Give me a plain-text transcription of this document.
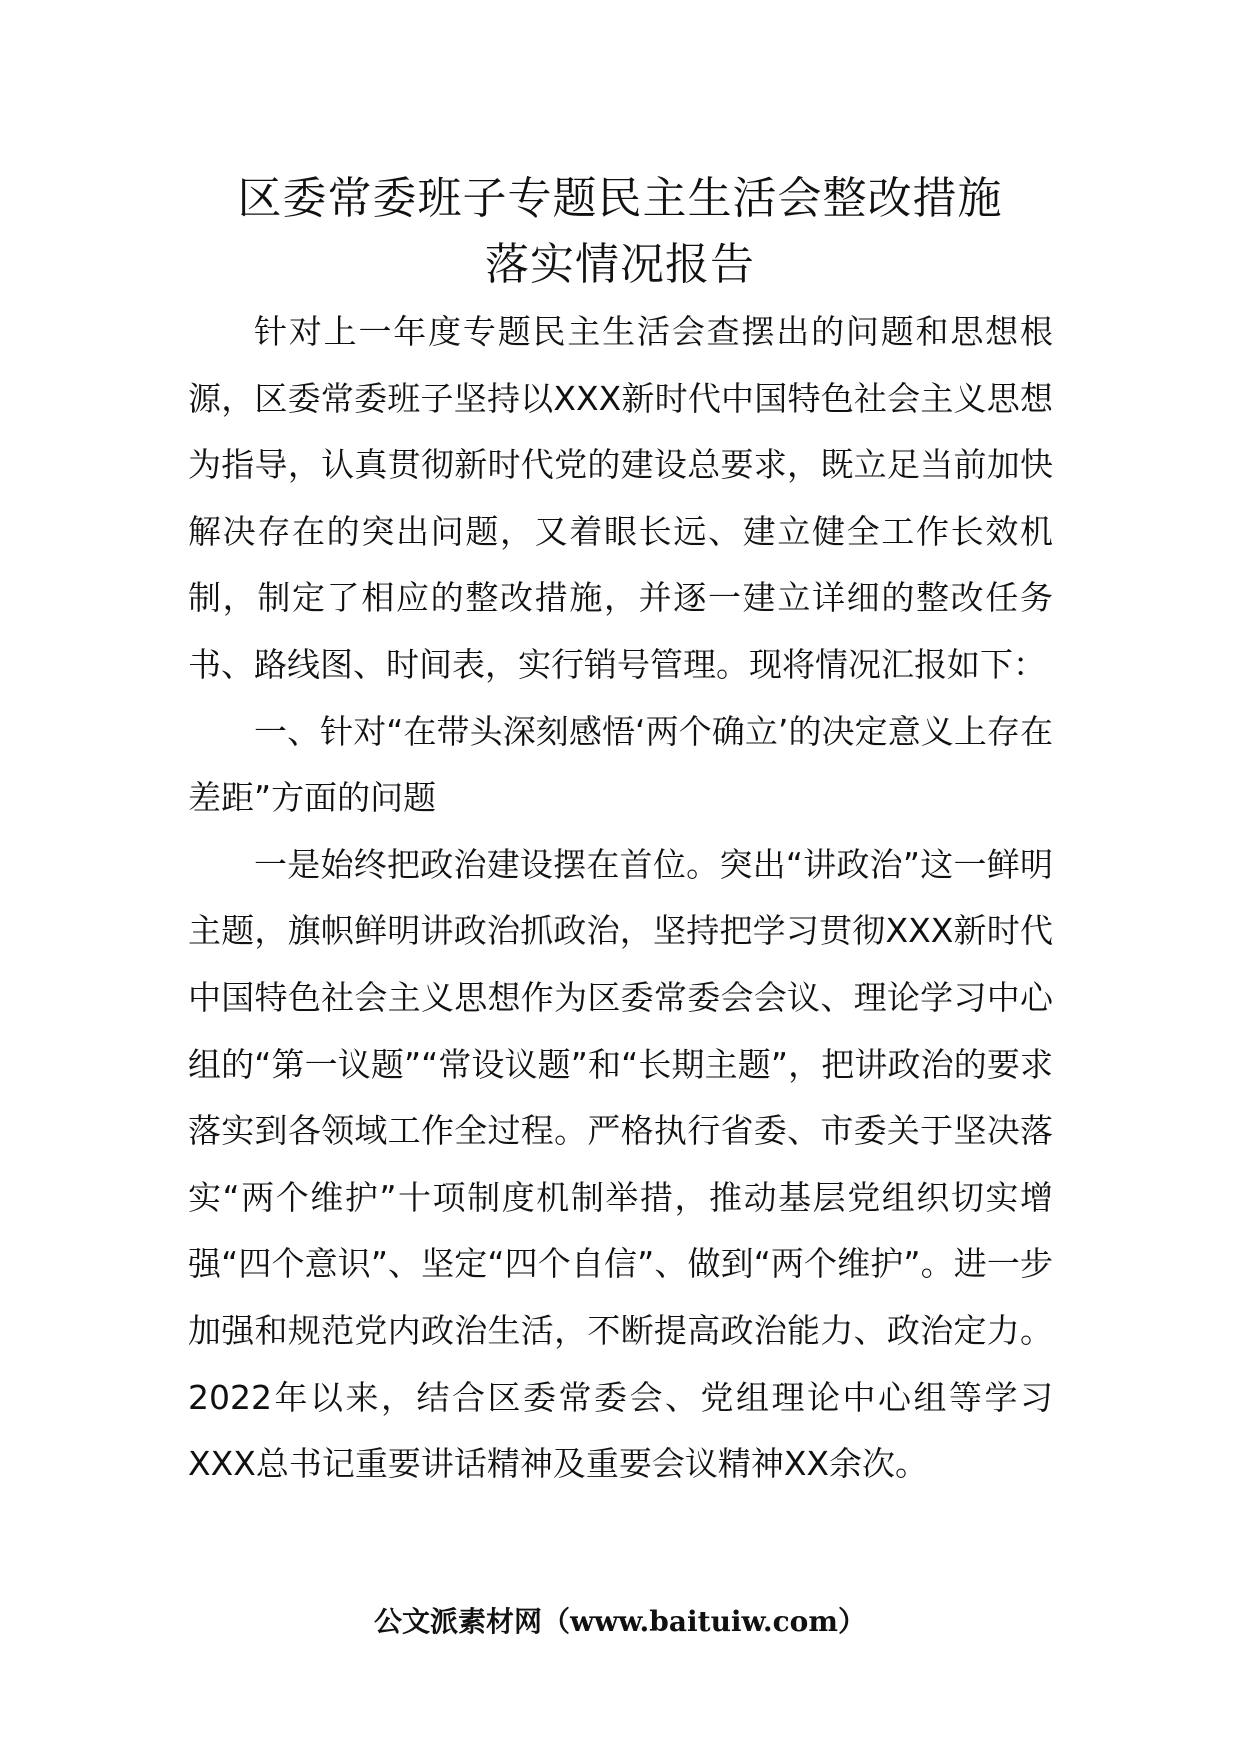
区委常委班子专题民主生活会整改措施
落实情况报告

针对上一年度专题民主生活会查摆出的问题和思想根源，区委常委班子坚持以XXX新时代中国特色社会主义思想为指导，认真贯彻新时代党的建设总要求，既立足当前加快解决存在的突出问题，又着眼长远、建立健全工作长效机制，制定了相应的整改措施，并逐一建立详细的整改任务书、路线图、时间表，实行销号管理。现将情况汇报如下：

一、针对“在带头深刻感悟‘两个确立’的决定意义上存在差距”方面的问题

一是始终把政治建设摆在首位。突出“讲政治”这一鲜明主题，旗帜鲜明讲政治抓政治，坚持把学习贯彻XXX新时代中国特色社会主义思想作为区委常委会会议、理论学习中心组的“第一议题”“常设议题”和“长期主题”，把讲政治的要求落实到各领域工作全过程。严格执行省委、市委关于坚决落实“两个维护”十项制度机制举措，推动基层党组织切实增强“四个意识”、坚定“四个自信”、做到“两个维护”。进一步加强和规范党内政治生活，不断提高政治能力、政治定力。2022年以来，结合区委常委会、党组理论中心组等学习XXX总书记重要讲话精神及重要会议精神XX余次。

公文派素材网（www.baituiw.com）
